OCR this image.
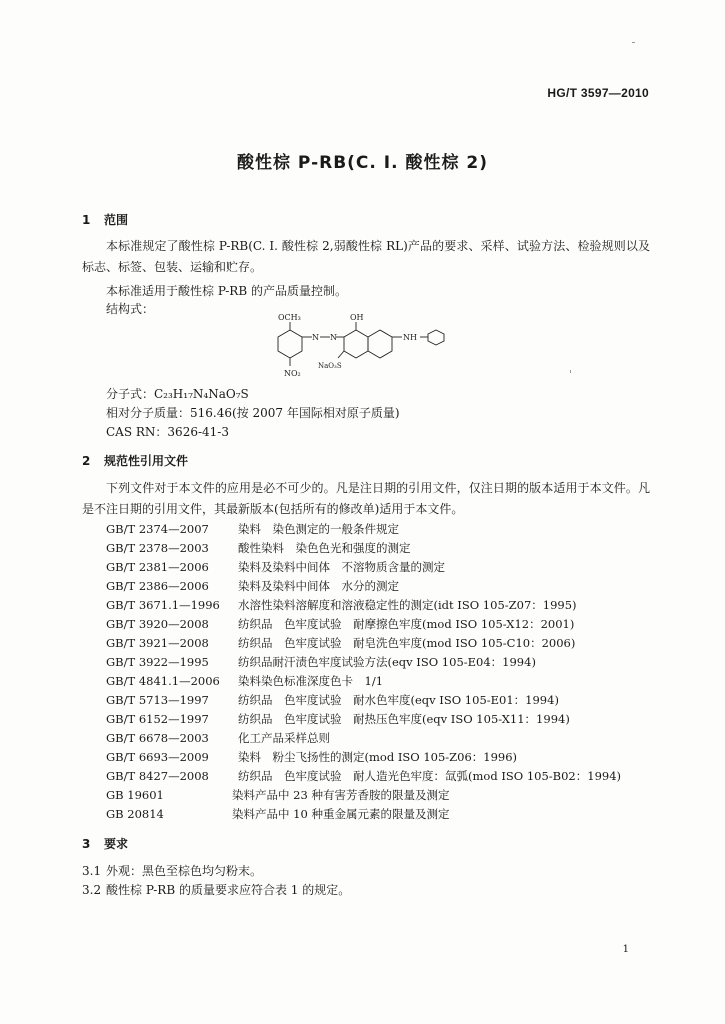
HG/T 3597—2010
酸性棕 P-RB(C. I. 酸性棕 2)
1 范围
本标准规定了酸性棕 P-RB(C. I. 酸性棕 2,弱酸性棕 RL)产品的要求、采样、试验方法、检验规则以及标志、标签、包装、运输和贮存。
本标准适用于酸性棕 P-RB 的产品质量控制。
结构式：
OCH₃	OH
N N	NH
NaO₃S
NO₂
分子式：C₂₃H₁₇N₄NaO₇S
相对分子质量：516.46(按 2007 年国际相对原子质量)
CAS RN：3626-41-3
2 规范性引用文件
下列文件对于本文件的应用是必不可少的。凡是注日期的引用文件，仅注日期的版本适用于本文件。凡是不注日期的引用文件，其最新版本(包括所有的修改单)适用于本文件。
GB/T 2374—2007	染料　染色测定的一般条件规定
GB/T 2378—2003	酸性染料　染色色光和强度的测定
GB/T 2381—2006	染料及染料中间体　不溶物质含量的测定
GB/T 2386—2006	染料及染料中间体　水分的测定
GB/T 3671.1—1996 水溶性染料溶解度和溶液稳定性的测定(idt ISO 105-Z07：1995)
GB/T 3920—2008	纺织品　色牢度试验　耐摩擦色牢度(mod ISO 105-X12：2001)
GB/T 3921—2008	纺织品　色牢度试验　耐皂洗色牢度(mod ISO 105-C10：2006)
GB/T 3922—1995	纺织品耐汗渍色牢度试验方法(eqv ISO 105-E04：1994)
GB/T 4841.1—2006 染料染色标准深度色卡　1/1
GB/T 5713—1997	纺织品　色牢度试验　耐水色牢度(eqv ISO 105-E01：1994)
GB/T 6152—1997	纺织品　色牢度试验　耐热压色牢度(eqv ISO 105-X11：1994)
GB/T 6678—2003	化工产品采样总则
GB/T 6693—2009	染料　粉尘飞扬性的测定(mod ISO 105-Z06：1996)
GB/T 8427—2008	纺织品　色牢度试验　耐人造光色牢度：氙弧(mod ISO 105-B02：1994)
GB 19601	染料产品中 23 种有害芳香胺的限量及测定
GB 20814	染料产品中 10 种重金属元素的限量及测定
3 要求
3.1 外观：黑色至棕色均匀粉末。
3.2 酸性棕 P-RB 的质量要求应符合表 1 的规定。
1
